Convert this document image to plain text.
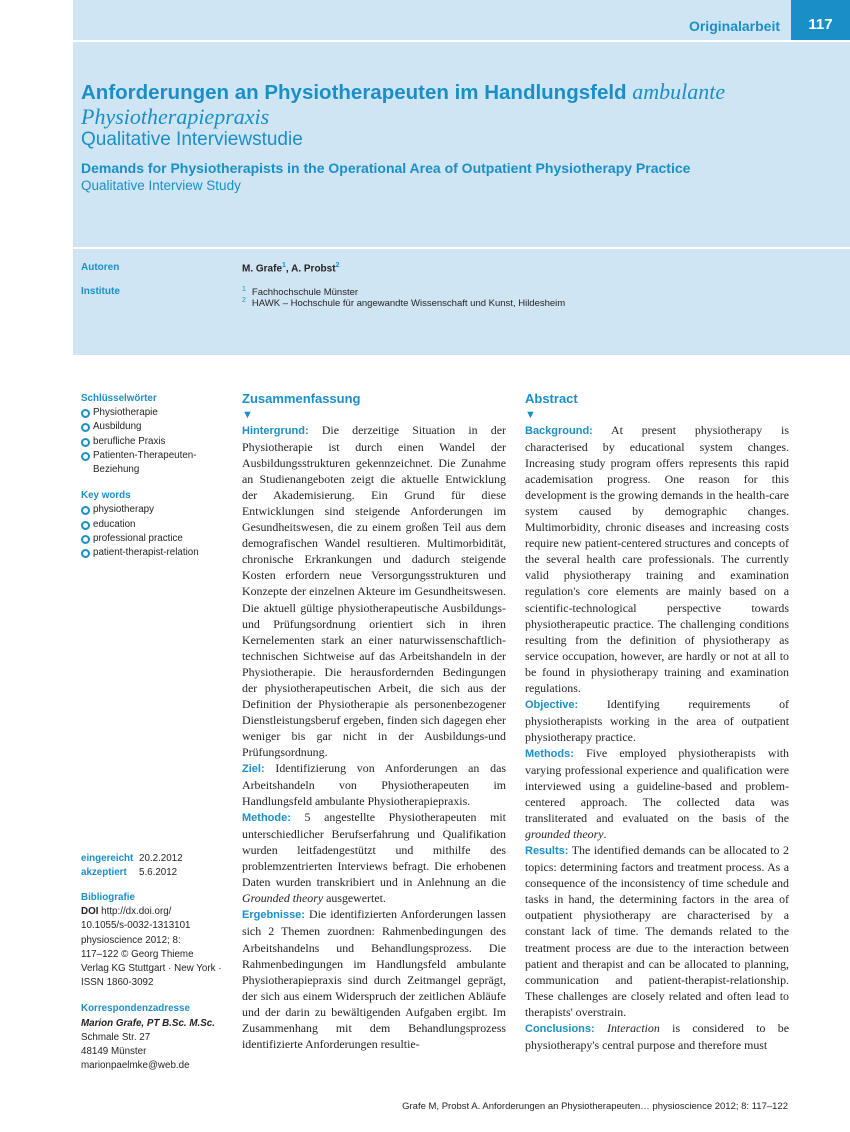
Originalarbeit	117
Anforderungen an Physiotherapeuten im Handlungsfeld ambulante Physiotherapiepraxis
Qualitative Interviewstudie
Demands for Physiotherapists in the Operational Area of Outpatient Physiotherapy Practice
Qualitative Interview Study
Autoren	M. Grafe$^1$, A. Probst$^2$
Institute	$^1$ Fachhochschule Münster
$^2$ HAWK – Hochschule für angewandte Wissenschaft und Kunst, Hildesheim
Schlüsselwörter
Physiotherapie
Ausbildung
berufliche Praxis
Patienten-Therapeuten-
Beziehung
Key words
physiotherapy
education
professional practice
patient-therapist-relation
eingereicht 20.2.2012
akzeptiert 5.6.2012
Bibliografie
DOI http://dx.doi.org/
10.1055/s-0032-1313101
physioscience 2012; 8:
117–122 © Georg Thieme
Verlag KG Stuttgart · New York ·
ISSN 1860-3092
Korrespondenzadresse
Marion Grafe, PT B.Sc. M.Sc.
Schmale Str. 27
48149 Münster
marionpaelmke@web.de
Zusammenfassung
▼
Hintergrund: Die derzeitige Situation in der Physiotherapie ist durch einen Wandel der Ausbildungsstrukturen gekennzeichnet. Die Zunahme an Studienangeboten zeigt die aktuelle Entwicklung der Akademisierung. Ein Grund für diese Entwicklungen sind steigende Anforderungen im Gesundheitswesen, die zu einem großen Teil aus dem demografischen Wandel resultieren. Multimorbidität, chronische Erkrankungen und dadurch steigende Kosten erfordern neue Versorgungsstrukturen und Konzepte der einzelnen Akteure im Gesundheitswesen. Die aktuell gültige physiotherapeutische Ausbildungs- und Prüfungsordnung orientiert sich in ihren Kernelementen stark an einer naturwissenschaftlich-technischen Sichtweise auf das Arbeitshandeln in der Physiotherapie. Die herausfordernden Bedingungen der physiotherapeutischen Arbeit, die sich aus der Definition der Physiotherapie als personenbezogener Dienstleistungsberuf ergeben, finden sich dagegen eher weniger bis gar nicht in der Ausbildungs-und Prüfungsordnung.
Ziel: Identifizierung von Anforderungen an das Arbeitshandeln von Physiotherapeuten im Handlungsfeld ambulante Physiotherapiepraxis.
Methode: 5 angestellte Physiotherapeuten mit unterschiedlicher Berufserfahrung und Qualifikation wurden leitfadengestützt und mithilfe des problemzentrierten Interviews befragt. Die erhobenen Daten wurden transkribiert und in Anlehnung an die Grounded theory ausgewertet.
Ergebnisse: Die identifizierten Anforderungen lassen sich 2 Themen zuordnen: Rahmenbedingungen des Arbeitshandelns und Behandlungsprozess. Die Rahmenbedingungen im Handlungsfeld ambulante Physiotherapiepraxis sind durch Zeitmangel geprägt, der sich aus einem Widerspruch der zeitlichen Abläufe und der darin zu bewältigenden Aufgaben ergibt. Im Zusammenhang mit dem Behandlungsprozess identifizierte Anforderungen resultie-
Abstract
▼
Background: At present physiotherapy is characterised by educational system changes. Increasing study program offers represents this rapid academisation progress. One reason for this development is the growing demands in the health-care system caused by demographic changes. Multimorbidity, chronic diseases and increasing costs require new patient-centered structures and concepts of the several health care professionals. The currently valid physiotherapy training and examination regulation's core elements are mainly based on a scientific-technological perspective towards physiotherapeutic practice. The challenging conditions resulting from the definition of physiotherapy as service occupation, however, are hardly or not at all to be found in physiotherapy training and examination regulations.
Objective: Identifying requirements of physiotherapists working in the area of outpatient physiotherapy practice.
Methods: Five employed physiotherapists with varying professional experience and qualification were interviewed using a guideline-based and problem-centered approach. The collected data was transliterated and evaluated on the basis of the grounded theory.
Results: The identified demands can be allocated to 2 topics: determining factors and treatment process. As a consequence of the inconsistency of time schedule and tasks in hand, the determining factors in the area of outpatient physiotherapy are characterised by a constant lack of time. The demands related to the treatment process are due to the interaction between patient and therapist and can be allocated to planning, communication and patient-therapist-relationship. These challenges are closely related and often lead to therapists' overstrain.
Conclusions: Interaction is considered to be physiotherapy's central purpose and therefore must
Grafe M, Probst A. Anforderungen an Physiotherapeuten… physioscience 2012; 8: 117–122
